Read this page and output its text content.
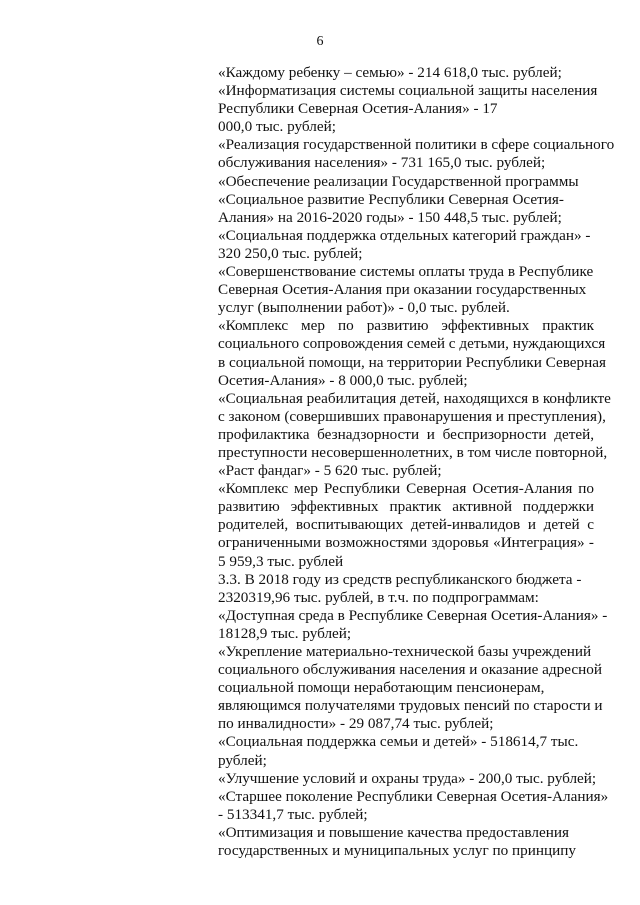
6
«Каждому ребенку – семью» - 214 618,0 тыс. рублей;
«Информатизация системы социальной защиты населения
Республики Северная Осетия-Алания» - 17
000,0 тыс. рублей;
«Реализация государственной политики в сфере социального
обслуживания населения» - 731 165,0 тыс. рублей;
«Обеспечение реализации Государственной программы
«Социальное развитие Республики Северная Осетия-
Алания» на 2016-2020 годы» - 150 448,5 тыс. рублей;
«Социальная поддержка отдельных категорий граждан» -
320 250,0 тыс. рублей;
«Совершенствование системы оплаты труда в Республике
Северная Осетия-Алания при оказании государственных
услуг (выполнении работ)» - 0,0 тыс. рублей.
«Комплекс мер по развитию эффективных практик
социального сопровождения семей с детьми, нуждающихся
в социальной помощи, на территории Республики Северная
Осетия-Алания» - 8 000,0 тыс. рублей;
«Социальная реабилитация детей, находящихся в конфликте
с законом (совершивших правонарушения и преступления),
профилактика безнадзорности и беспризорности детей,
преступности несовершеннолетних, в том числе повторной,
«Раст фандаг» - 5 620 тыс. рублей;
«Комплекс мер Республики Северная Осетия-Алания по
развитию эффективных практик активной поддержки
родителей, воспитывающих детей-инвалидов и детей с
ограниченными возможностями здоровья «Интеграция» -
5 959,3 тыс. рублей
3.3. В 2018 году из средств республиканского бюджета -
2320319,96 тыс. рублей, в т.ч. по подпрограммам:
«Доступная среда в Республике Северная Осетия-Алания» -
18128,9 тыс. рублей;
«Укрепление материально-технической базы учреждений
социального обслуживания населения и оказание адресной
социальной помощи неработающим пенсионерам,
являющимся получателями трудовых пенсий по старости и
по инвалидности» - 29 087,74 тыс. рублей;
«Социальная поддержка семьи и детей» - 518614,7 тыс.
рублей;
«Улучшение условий и охраны труда» - 200,0 тыс. рублей;
«Старшее поколение Республики Северная Осетия-Алания»
- 513341,7 тыс. рублей;
«Оптимизация и повышение качества предоставления
государственных и муниципальных услуг по принципу
